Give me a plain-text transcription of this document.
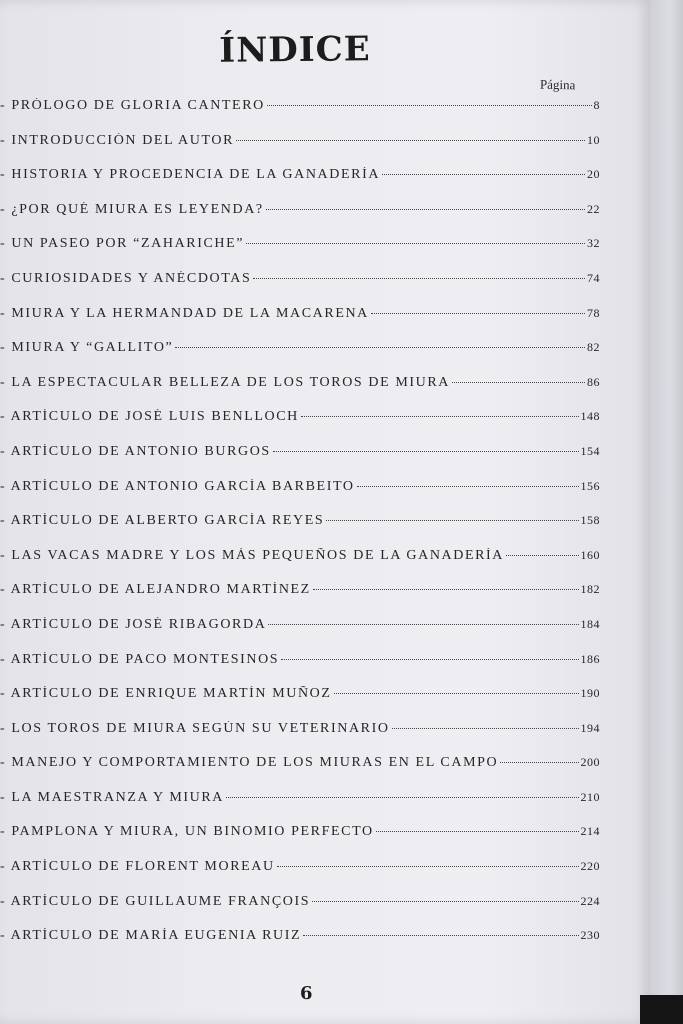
ÍNDICE
Página
- PRÓLOGO DE GLORIA CANTERO	8
- INTRODUCCIÓN DEL AUTOR	10
- HISTORIA Y PROCEDENCIA DE LA GANADERÍA	20
- ¿POR QUÉ MIURA ES LEYENDA?	22
- UN PASEO POR “ZAHARICHE”	32
- CURIOSIDADES Y ANÉCDOTAS	74
- MIURA Y LA HERMANDAD DE LA MACARENA	78
- MIURA Y “GALLITO”	82
- LA ESPECTACULAR BELLEZA DE LOS TOROS DE MIURA	86
- ARTÍCULO DE JOSÉ LUIS BENLLOCH	148
- ARTÍCULO DE ANTONIO BURGOS	154
- ARTÍCULO DE ANTONIO GARCÍA BARBEITO	156
- ARTÍCULO DE ALBERTO GARCÍA REYES	158
- LAS VACAS MADRE Y LOS MÁS PEQUEÑOS DE LA GANADERÍA	160
- ARTÍCULO DE ALEJANDRO MARTÍNEZ	182
- ARTÍCULO DE JOSÉ RIBAGORDA	184
- ARTÍCULO DE PACO MONTESINOS	186
- ARTÍCULO DE ENRIQUE MARTÍN MUÑOZ	190
- LOS TOROS DE MIURA SEGÚN SU VETERINARIO	194
- MANEJO Y COMPORTAMIENTO DE LOS MIURAS EN EL CAMPO	200
- LA MAESTRANZA Y MIURA	210
- PAMPLONA Y MIURA, UN BINOMIO PERFECTO	214
- ARTÍCULO DE FLORENT MOREAU	220
- ARTÍCULO DE GUILLAUME FRANÇOIS	224
- ARTÍCULO DE MARÍA EUGENIA RUIZ	230
6
